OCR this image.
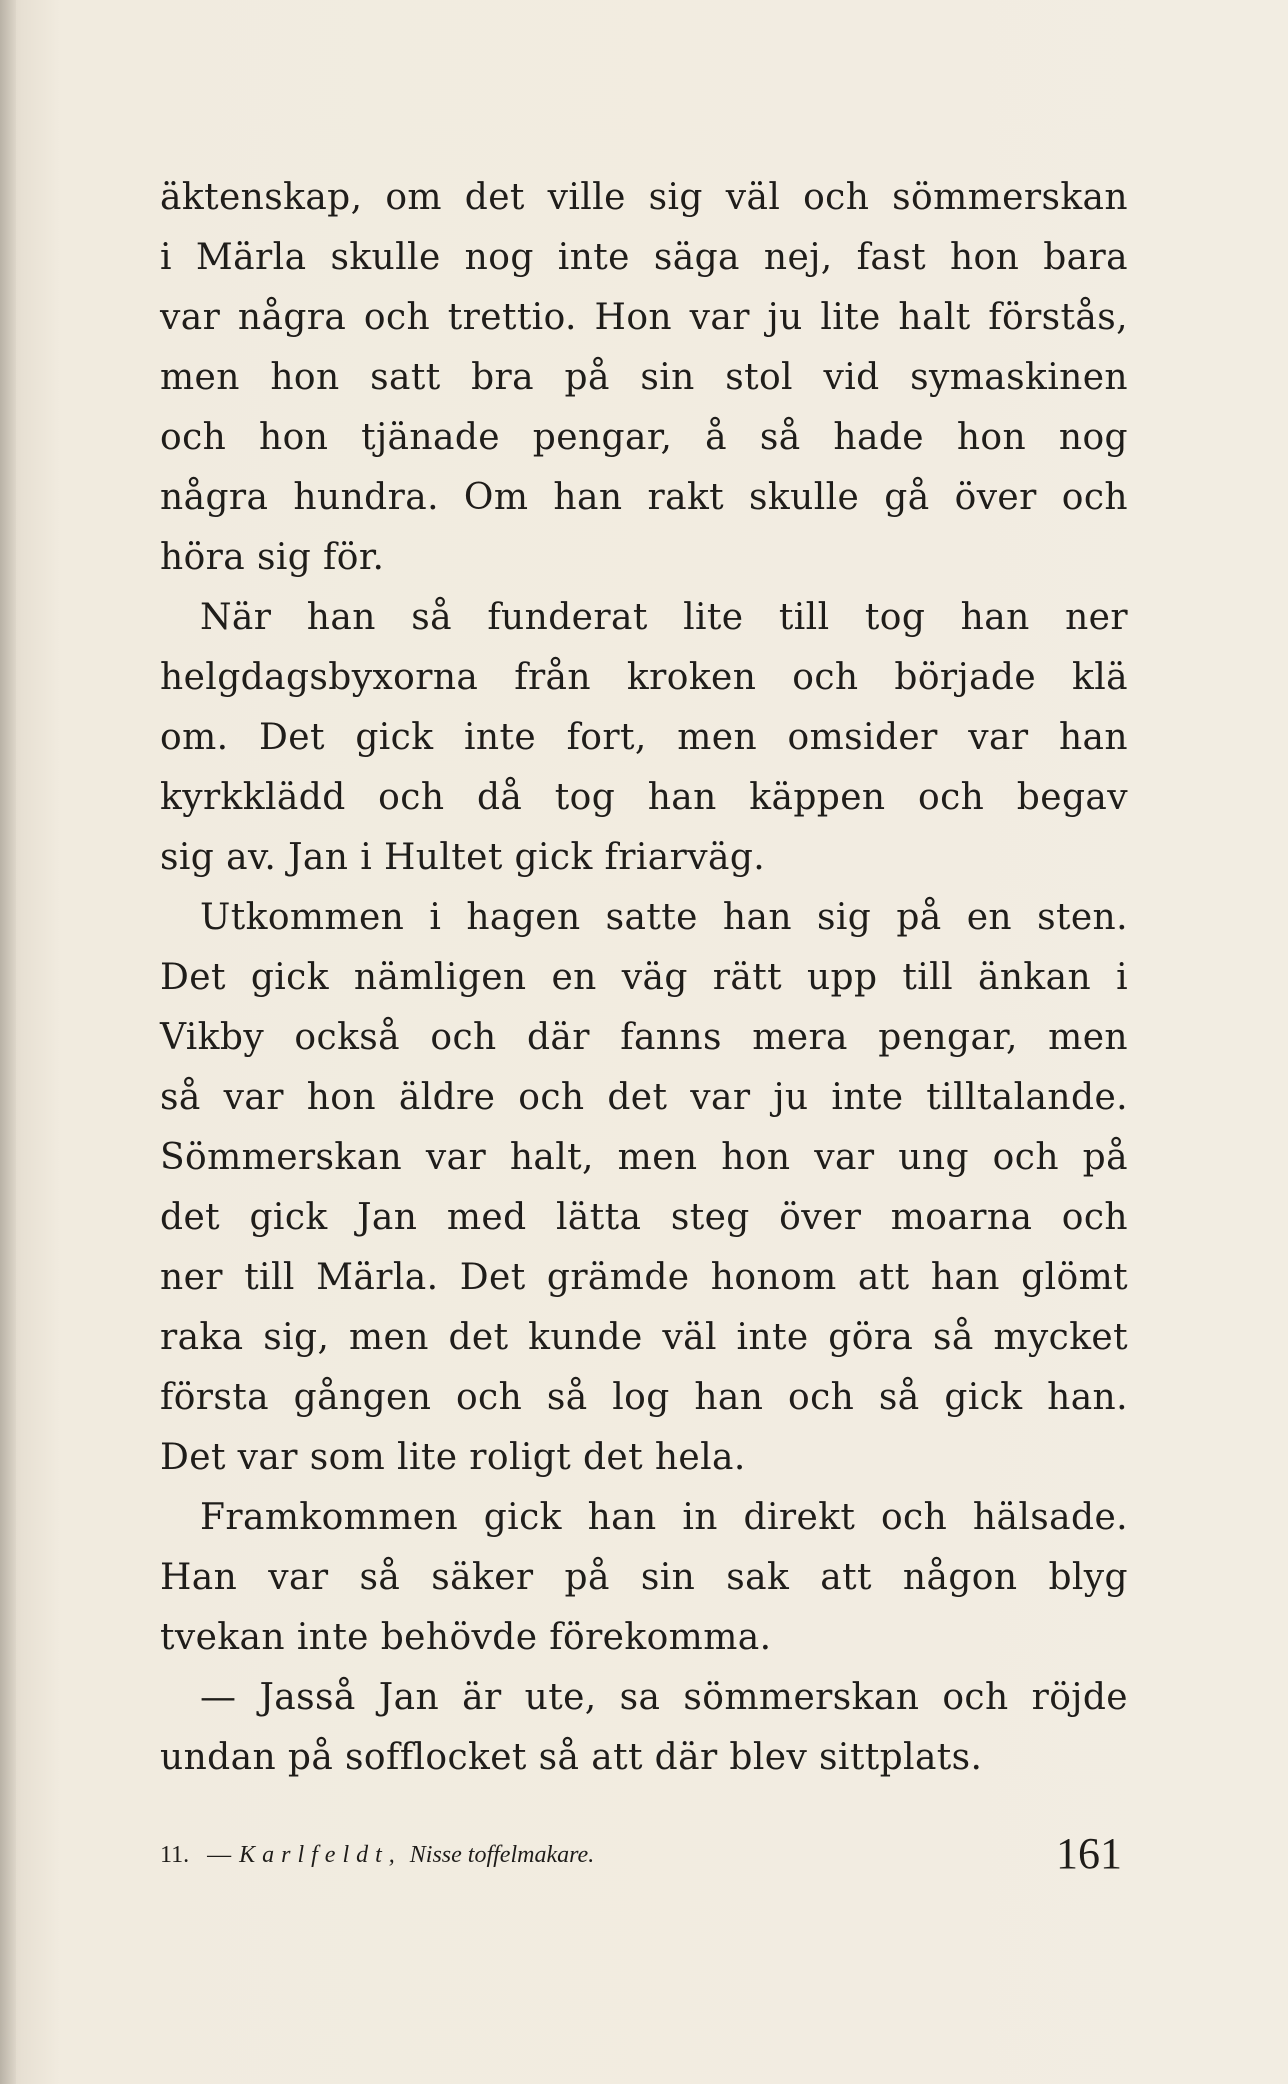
äktenskap, om det ville sig väl och sömmerskan
i Märla skulle nog inte säga nej, fast hon bara
var några och trettio. Hon var ju lite halt förstås,
men hon satt bra på sin stol vid symaskinen
och hon tjänade pengar, å så hade hon nog
några hundra. Om han rakt skulle gå över och
höra sig för.
När han så funderat lite till tog han ner
helgdagsbyxorna från kroken och började klä
om. Det gick inte fort, men omsider var han
kyrkklädd och då tog han käppen och begav
sig av. Jan i Hultet gick friarväg.
Utkommen i hagen satte han sig på en sten.
Det gick nämligen en väg rätt upp till änkan i
Vikby också och där fanns mera pengar, men
så var hon äldre och det var ju inte tilltalande.
Sömmerskan var halt, men hon var ung och på
det gick Jan med lätta steg över moarna och
ner till Märla. Det grämde honom att han glömt
raka sig, men det kunde väl inte göra så mycket
första gången och så log han och så gick han.
Det var som lite roligt det hela.
Framkommen gick han in direkt och hälsade.
Han var så säker på sin sak att någon blyg
tvekan inte behövde förekomma.
— Jasså Jan är ute, sa sömmerskan och röjde
undan på sofflocket så att där blev sittplats.
11. — Karlfeldt, Nisse toffelmakare.	161
